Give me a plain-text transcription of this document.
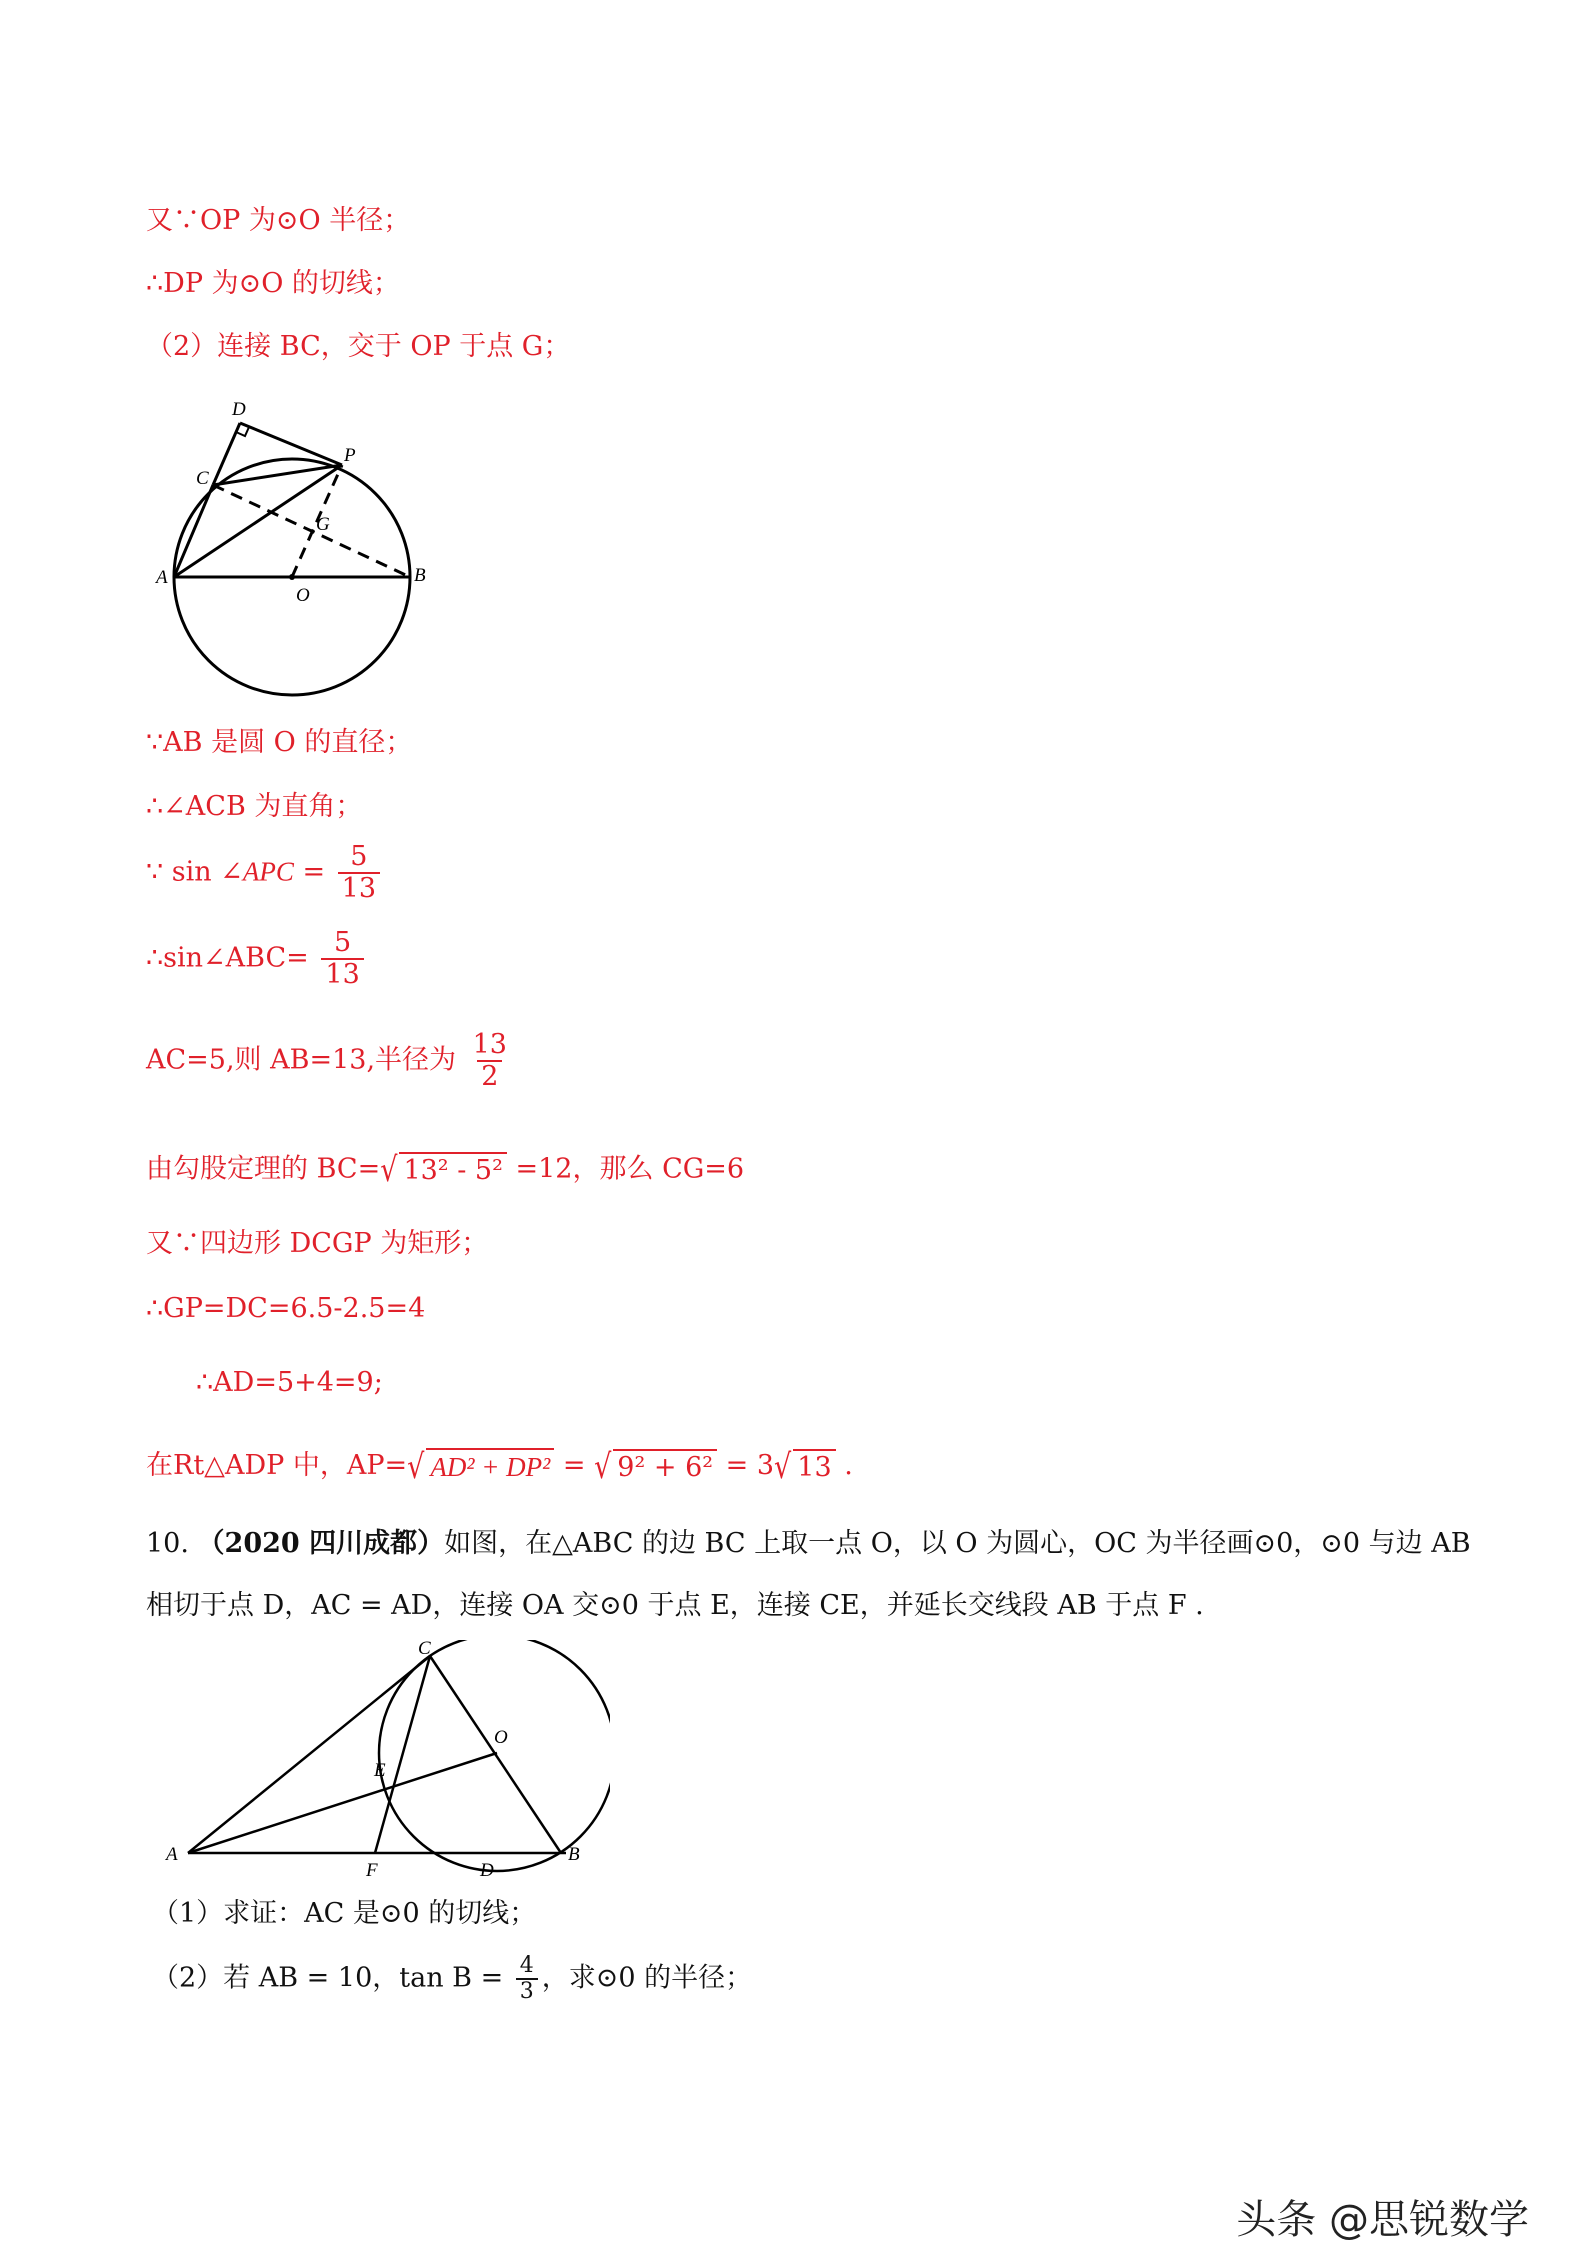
又∵OP 为⊙O 半径；
∴DP 为⊙O 的切线；
（2）连接 BC，交于 OP 于点 G；
D
P
C
G
A
O
B
∵AB 是圆 O 的直径；
∴∠ACB 为直角；
∵ sin ∠APC = $\frac{5}{13}$
∴sin∠ABC= $\frac{5}{13}$
AC=5,则 AB=13,半径为 $\frac{13}{2}$
由勾股定理的 BC=√ 13² - 5² =12，那么 CG=6
又∵四边形 DCGP 为矩形；
∴GP=DC=6.5-2.5=4
∴AD=5+4=9;
在Rt△ADP 中，AP=√ AD² + DP² = √ 9² + 6² = 3√ 13 .
10. （2020 四川成都）如图，在△ABC 的边 BC 上取一点 O，以 O 为圆心，OC 为半径画⊙0，⊙0 与边 AB
相切于点 D，AC = AD，连接 OA 交⊙0 于点 E，连接 CE，并延长交线段 AB 于点 F .
C
O
E
A
F	D
B
（1）求证：AC 是⊙0 的切线；
（2）若 AB = 10，$\tan B = \frac{4}{3}$ ，求⊙0 的半径；
头条 @思锐数学
